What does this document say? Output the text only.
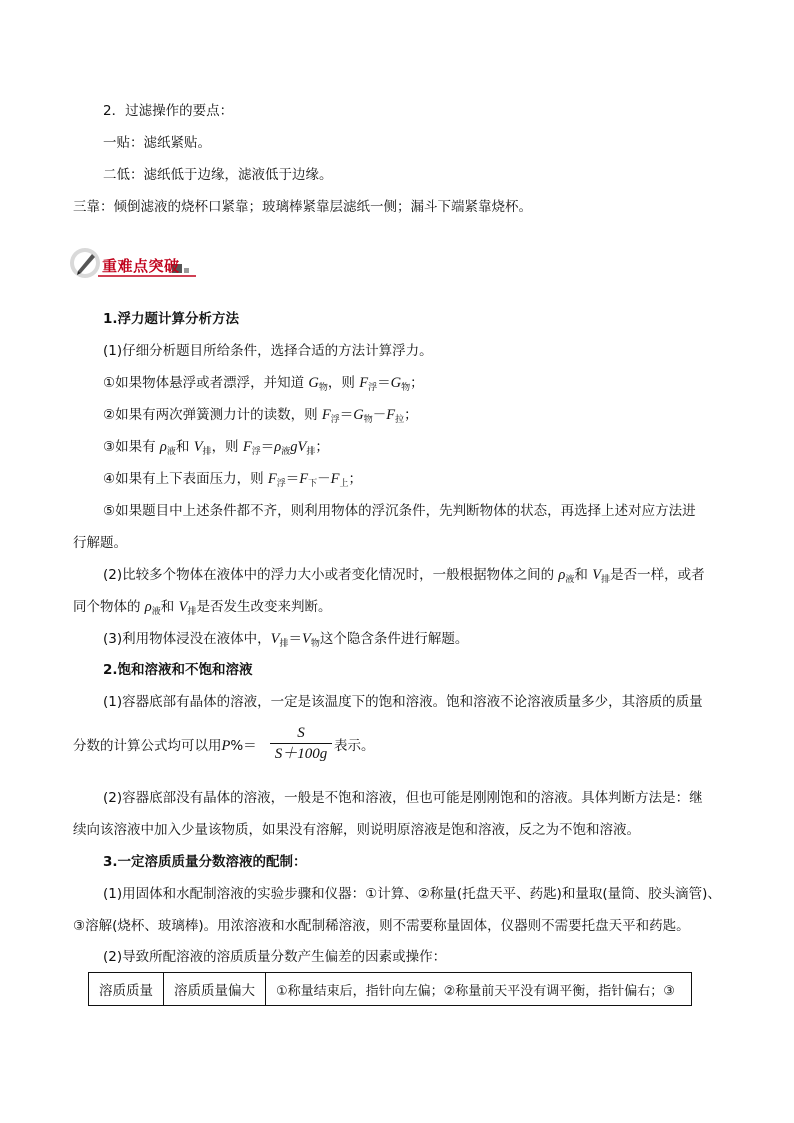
2．过滤操作的要点：
一贴：滤纸紧贴。
二低：滤纸低于边缘，滤液低于边缘。
三靠：倾倒滤液的烧杯口紧靠；玻璃棒紧靠层滤纸一侧；漏斗下端紧靠烧杯。
重难点突破
1.浮力题计算分析方法
(1)仔细分析题目所给条件，选择合适的方法计算浮力。
①如果物体悬浮或者漂浮，并知道 $G_物$，则 $F_浮=G_物$；
②如果有两次弹簧测力计的读数，则 $F_浮=G_物-F_拉$；
③如果有 $\rho_液$和 $V_排$，则 $F_浮=\rho_液gV_排$；
④如果有上下表面压力，则 $F_浮=F_下-F_上$；
⑤如果题目中上述条件都不齐，则利用物体的浮沉条件，先判断物体的状态，再选择上述对应方法进
行解题。
(2)比较多个物体在液体中的浮力大小或者变化情况时，一般根据物体之间的 $\rho_液$和 $V_排$是否一样，或者
同个物体的 $\rho_液$和 $V_排$是否发生改变来判断。
(3)利用物体浸没在液体中，$V_排=V_物$这个隐含条件进行解题。
2.饱和溶液和不饱和溶液
(1)容器底部有晶体的溶液，一定是该温度下的饱和溶液。饱和溶液不论溶液质量多少，其溶质的质量
分数的计算公式均可以用P%＝
S
S＋100g 表示。
(2)容器底部没有晶体的溶液，一般是不饱和溶液，但也可能是刚刚饱和的溶液。具体判断方法是：继
续向该溶液中加入少量该物质，如果没有溶解，则说明原溶液是饱和溶液，反之为不饱和溶液。
3.一定溶质质量分数溶液的配制：
(1)用固体和水配制溶液的实验步骤和仪器：①计算、②称量(托盘天平、药匙)和量取(量筒、胶头滴管)、
③溶解(烧杯、玻璃棒)。用浓溶液和水配制稀溶液，则不需要称量固体，仪器则不需要托盘天平和药匙。
(2)导致所配溶液的溶质质量分数产生偏差的因素或操作：
溶质质量	溶质质量偏大	①称量结束后，指针向左偏；②称量前天平没有调平衡，指针偏右；③
